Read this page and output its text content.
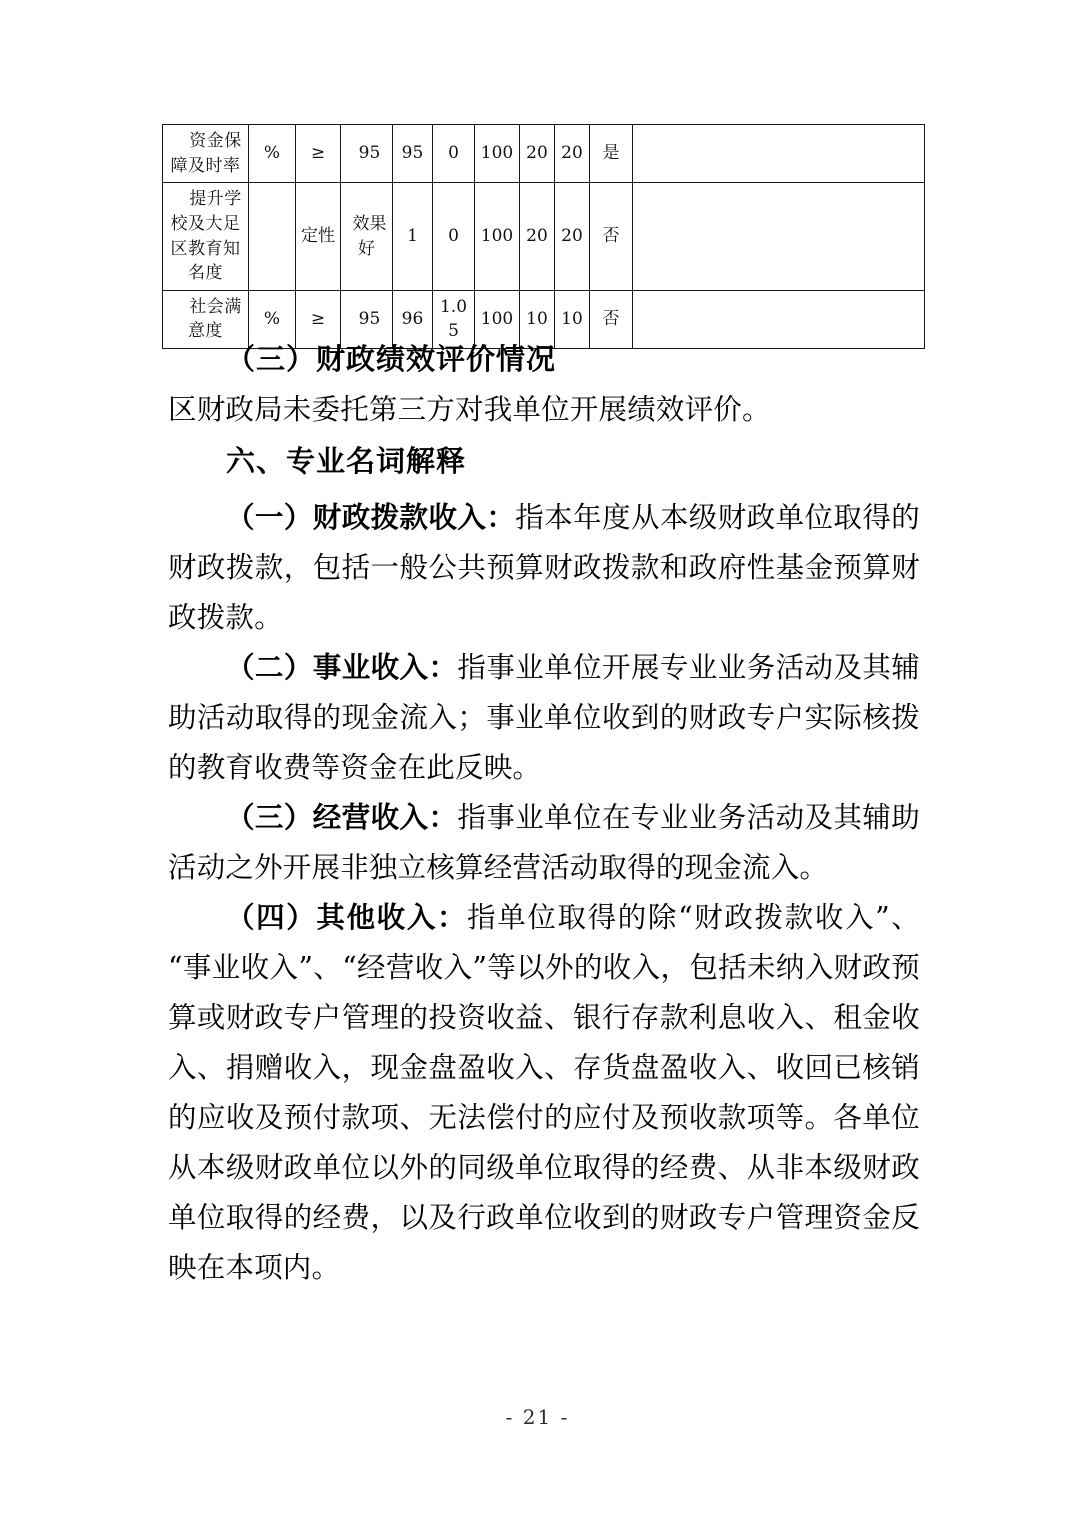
资金保障及时率	%	≥	95	95	0	100	20	20	是	
提升学校及大足区教育知名度		定性	效果好	1	0	100	20	20	否	
社会满意度	%	≥	95	96	1.05	100	10	10	否	
（三）财政绩效评价情况
区财政局未委托第三方对我单位开展绩效评价。
六、专业名词解释
（一）财政拨款收入：指本年度从本级财政单位取得的财政拨款，包括一般公共预算财政拨款和政府性基金预算财政拨款。
（二）事业收入：指事业单位开展专业业务活动及其辅助活动取得的现金流入；事业单位收到的财政专户实际核拨的教育收费等资金在此反映。
（三）经营收入：指事业单位在专业业务活动及其辅助活动之外开展非独立核算经营活动取得的现金流入。
（四）其他收入：指单位取得的除“财政拨款收入”、“事业收入”、“经营收入”等以外的收入，包括未纳入财政预算或财政专户管理的投资收益、银行存款利息收入、租金收入、捐赠收入，现金盘盈收入、存货盘盈收入、收回已核销的应收及预付款项、无法偿付的应付及预收款项等。各单位从本级财政单位以外的同级单位取得的经费、从非本级财政单位取得的经费，以及行政单位收到的财政专户管理资金反映在本项内。
- 21 -
